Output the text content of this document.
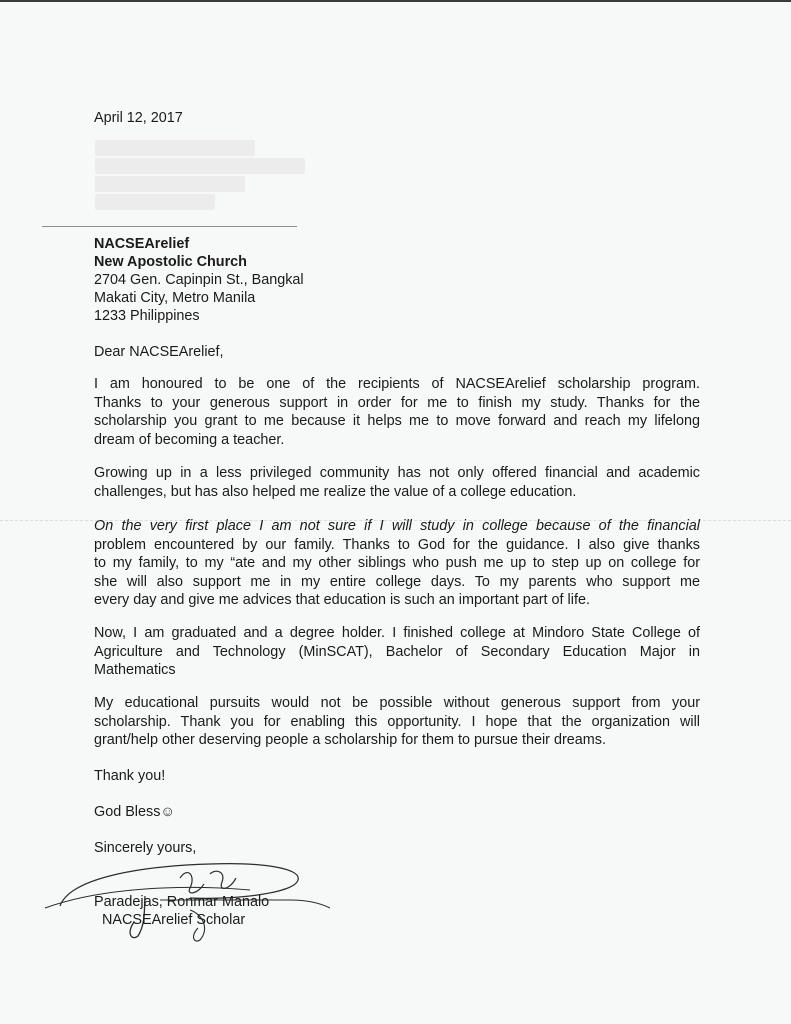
April 12, 2017
NACSEArelief
New Apostolic Church
2704 Gen. Capinpin St., Bangkal
Makati City, Metro Manila
1233 Philippines
Dear NACSEArelief,
I am honoured to be one of the recipients of NACSEArelief scholarship program.
Thanks to your generous support in order for me to finish my study. Thanks for the
scholarship you grant to me because it helps me to move forward and reach my lifelong
dream of becoming a teacher.
Growing up in a less privileged community has not only offered financial and academic
challenges, but has also helped me realize the value of a college education.
On the very first place I am not sure if I will study in college because of the financial
problem encountered by our family. Thanks to God for the guidance. I also give thanks
to my family, to my “ate and my other siblings who push me up to step up on college for
she will also support me in my entire college days. To my parents who support me
every day and give me advices that education is such an important part of life.
Now, I am graduated and a degree holder. I finished college at Mindoro State College of
Agriculture and Technology (MinSCAT), Bachelor of Secondary Education Major in
Mathematics
My educational pursuits would not be possible without generous support from your
scholarship. Thank you for enabling this opportunity. I hope that the organization will
grant/help other deserving people a scholarship for them to pursue their dreams.
Thank you!
God Bless☺
Sincerely yours,
Paradejas, Ronmar Manalo
NACSEArelief Scholar
